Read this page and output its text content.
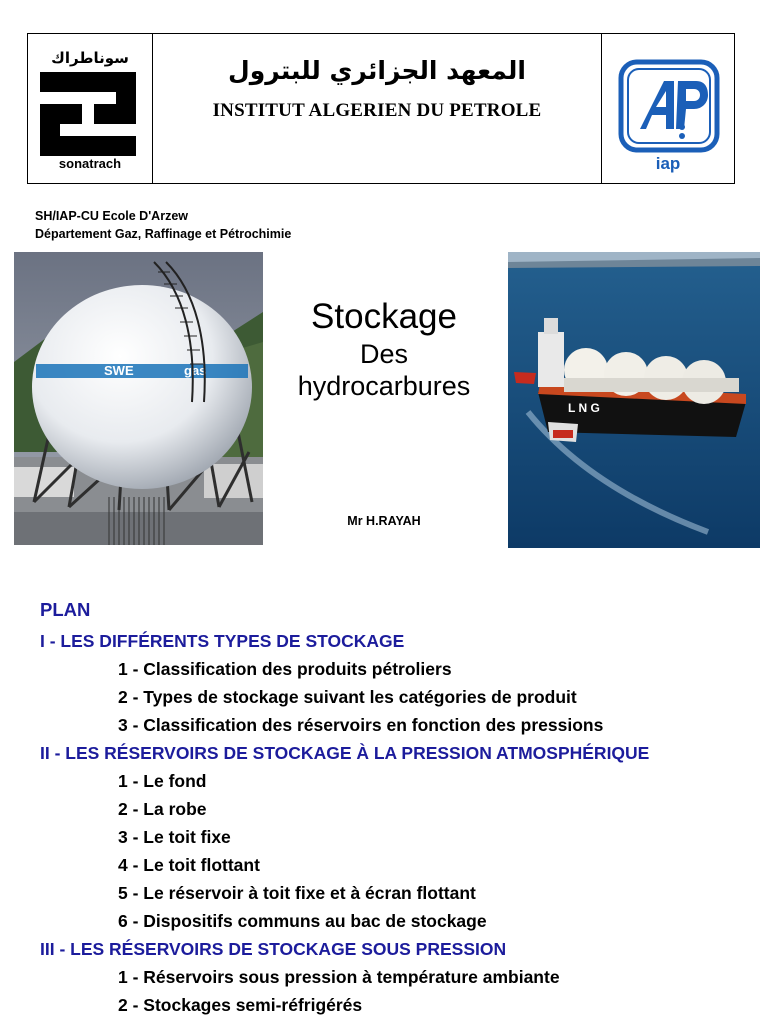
سوناطراك
sonatrach
المعهد الجزائري للبترول
INSTITUT ALGERIEN DU PETROLE
iap
SH/IAP-CU Ecole D'Arzew
Département Gaz, Raffinage et Pétrochimie
SWE	gas
Stockage
Des
hydrocarbures
Mr H.RAYAH
L N G
PLAN
I - LES DIFFÉRENTS TYPES DE STOCKAGE
1 - Classification des produits pétroliers
2 - Types de stockage suivant les catégories de produit
3 - Classification des réservoirs en fonction des pressions
II - LES RÉSERVOIRS DE STOCKAGE À LA PRESSION ATMOSPHÉRIQUE
1 - Le fond
2 - La robe
3 - Le toit fixe
4 - Le toit flottant
5 - Le réservoir à toit fixe et à écran flottant
6 - Dispositifs communs au bac de stockage
III - LES RÉSERVOIRS DE STOCKAGE SOUS PRESSION
1 - Réservoirs sous pression à température ambiante
2 - Stockages semi-réfrigérés
